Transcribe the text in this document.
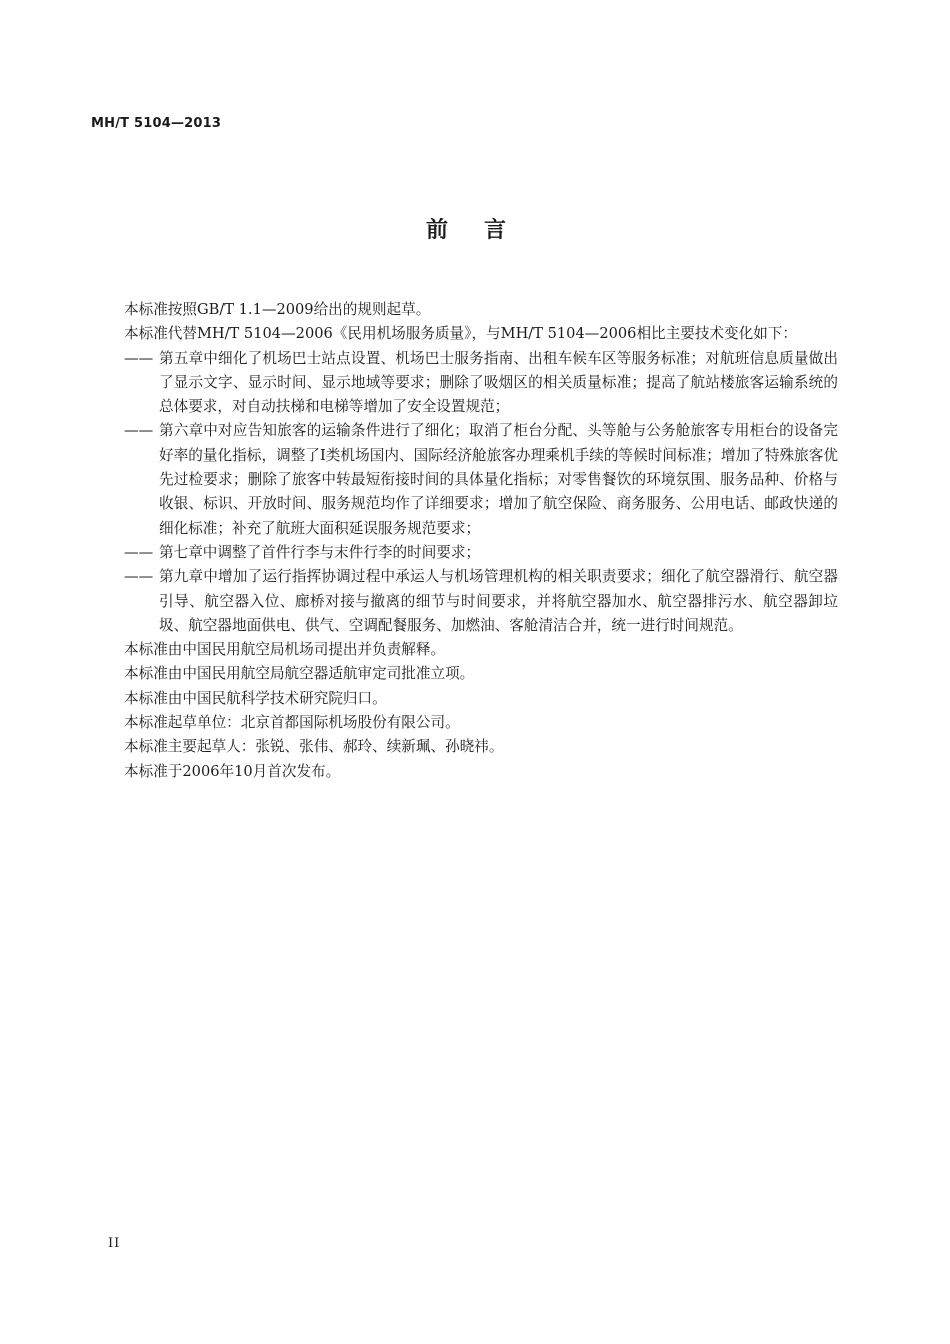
MH/T 5104—2013
前言

本标准按照GB/T 1.1—2009给出的规则起草。

本标准代替MH/T 5104—2006《民用机场服务质量》，与MH/T 5104—2006相比主要技术变化如下：

—— 第五章中细化了机场巴士站点设置、机场巴士服务指南、出租车候车区等服务标准；对航班信息质量做出了显示文字、显示时间、显示地域等要求；删除了吸烟区的相关质量标准；提高了航站楼旅客运输系统的总体要求，对自动扶梯和电梯等增加了安全设置规范；
—— 第六章中对应告知旅客的运输条件进行了细化；取消了柜台分配、头等舱与公务舱旅客专用柜台的设备完好率的量化指标，调整了Ⅰ类机场国内、国际经济舱旅客办理乘机手续的等候时间标准；增加了特殊旅客优先过检要求；删除了旅客中转最短衔接时间的具体量化指标；对零售餐饮的环境氛围、服务品种、价格与收银、标识、开放时间、服务规范均作了详细要求；增加了航空保险、商务服务、公用电话、邮政快递的细化标准；补充了航班大面积延误服务规范要求；
—— 第七章中调整了首件行李与末件行李的时间要求；
—— 第九章中增加了运行指挥协调过程中承运人与机场管理机构的相关职责要求；细化了航空器滑行、航空器引导、航空器入位、廊桥对接与撤离的细节与时间要求，并将航空器加水、航空器排污水、航空器卸垃圾、航空器地面供电、供气、空调配餐服务、加燃油、客舱清洁合并，统一进行时间规范。

本标准由中国民用航空局机场司提出并负责解释。

本标准由中国民用航空局航空器适航审定司批准立项。

本标准由中国民航科学技术研究院归口。

本标准起草单位：北京首都国际机场股份有限公司。

本标准主要起草人：张锐、张伟、郝玲、续新珮、孙晓祎。

本标准于2006年10月首次发布。

II
